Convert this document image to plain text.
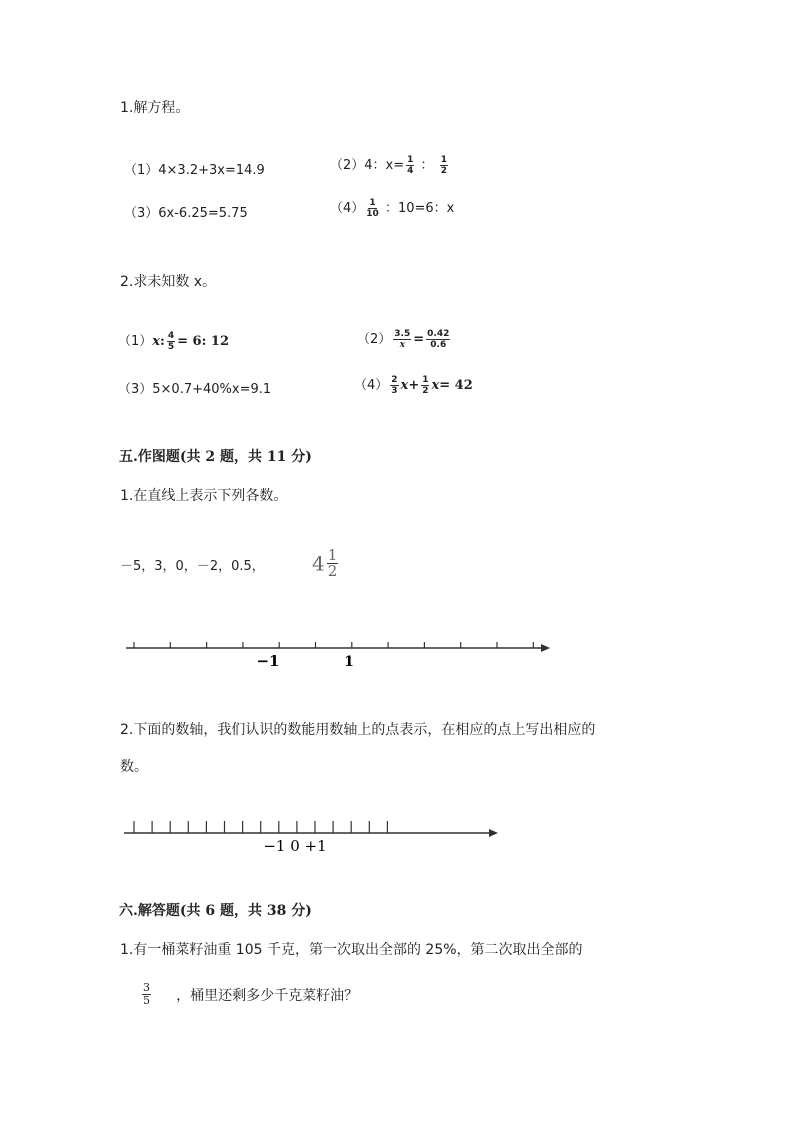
1.解方程。
（1）4×3.2+3x=14.9	（2）4：$x= \frac{1}{4}$ ： $\frac{1}{2}$
（3）6x-6.25=5.75	$(4) \frac{1}{10}$ ：10=6：x
2.求未知数 x。
（1）x: $\frac{4}{5} = 6$: 12	$(2) \frac{3.5}{x} = \frac{0.42}{0.6}$
（3）5×0.7+40%x=9.1	$(4) \frac{2}{3} x+ \frac{1}{2} x= 42$
五.作图题(共 2 题，共 11 分)
1.在直线上表示下列各数。
－5，3，0，－2，0.5， $4 \frac{1}{2}$
−1	1
2.下面的数轴，我们认识的数能用数轴上的点表示，在相应的点上写出相应的
数。
−1 0 +1
六.解答题(共 6 题，共 38 分)
1.有一桶菜籽油重 105 千克，第一次取出全部的 25%，第二次取出全部的
$\frac{3}{5}$ ，桶里还剩多少千克菜籽油？
